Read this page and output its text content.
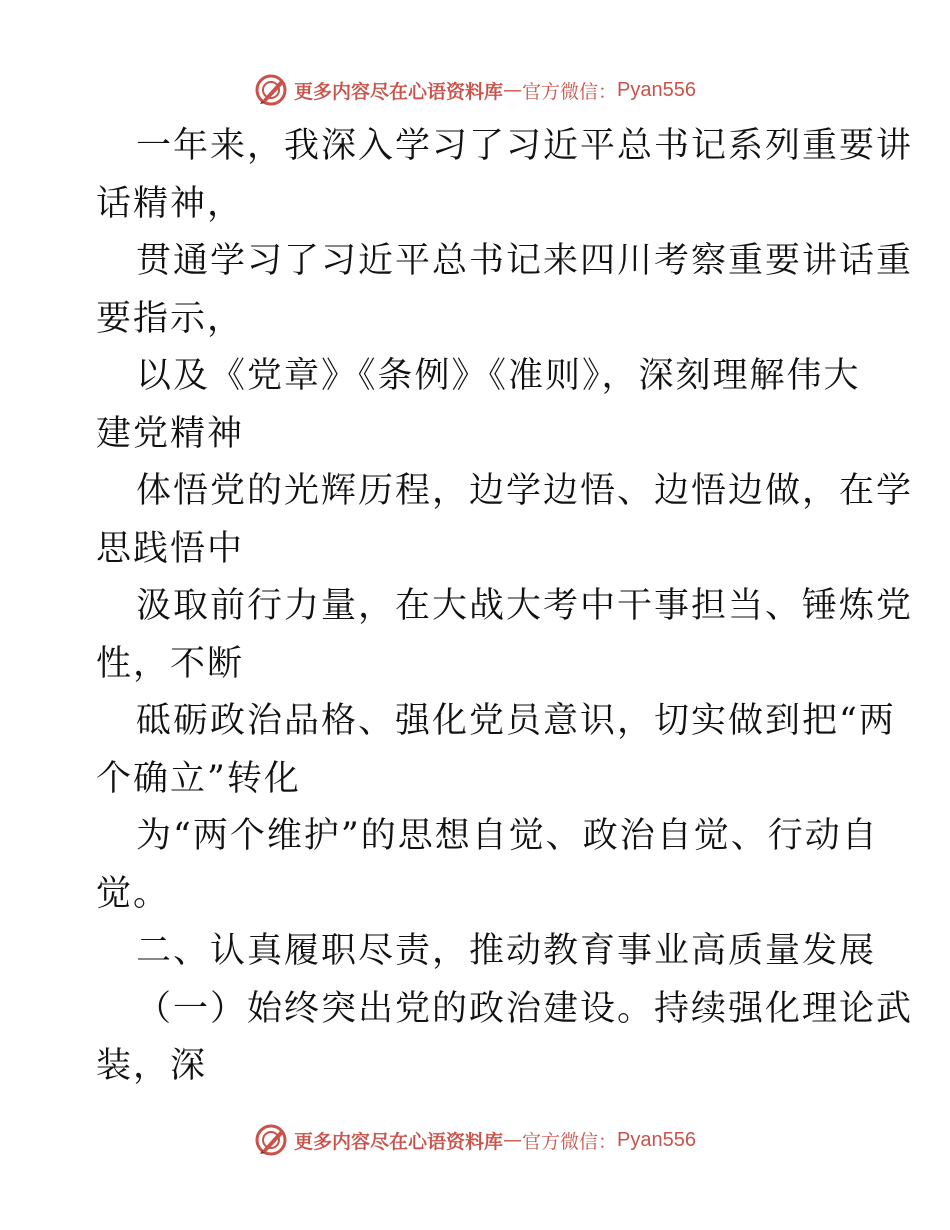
更多内容尽在心语资料库 — 官方微信： Pyan556
一年来，我深入学习了习近平总书记系列重要讲
话精神，
贯通学习了习近平总书记来四川考察重要讲话重
要指示，
以及《党章》《条例》《准则》，深刻理解伟大
建党精神
体悟党的光辉历程，边学边悟、边悟边做，在学
思践悟中
汲取前行力量，在大战大考中干事担当、锤炼党
性，不断
砥砺政治品格、强化党员意识，切实做到把“两
个确立”转化
为“两个维护”的思想自觉、政治自觉、行动自
觉。
二、认真履职尽责，推动教育事业高质量发展
（一）始终突出党的政治建设。持续强化理论武
装，深
更多内容尽在心语资料库 — 官方微信： Pyan556
